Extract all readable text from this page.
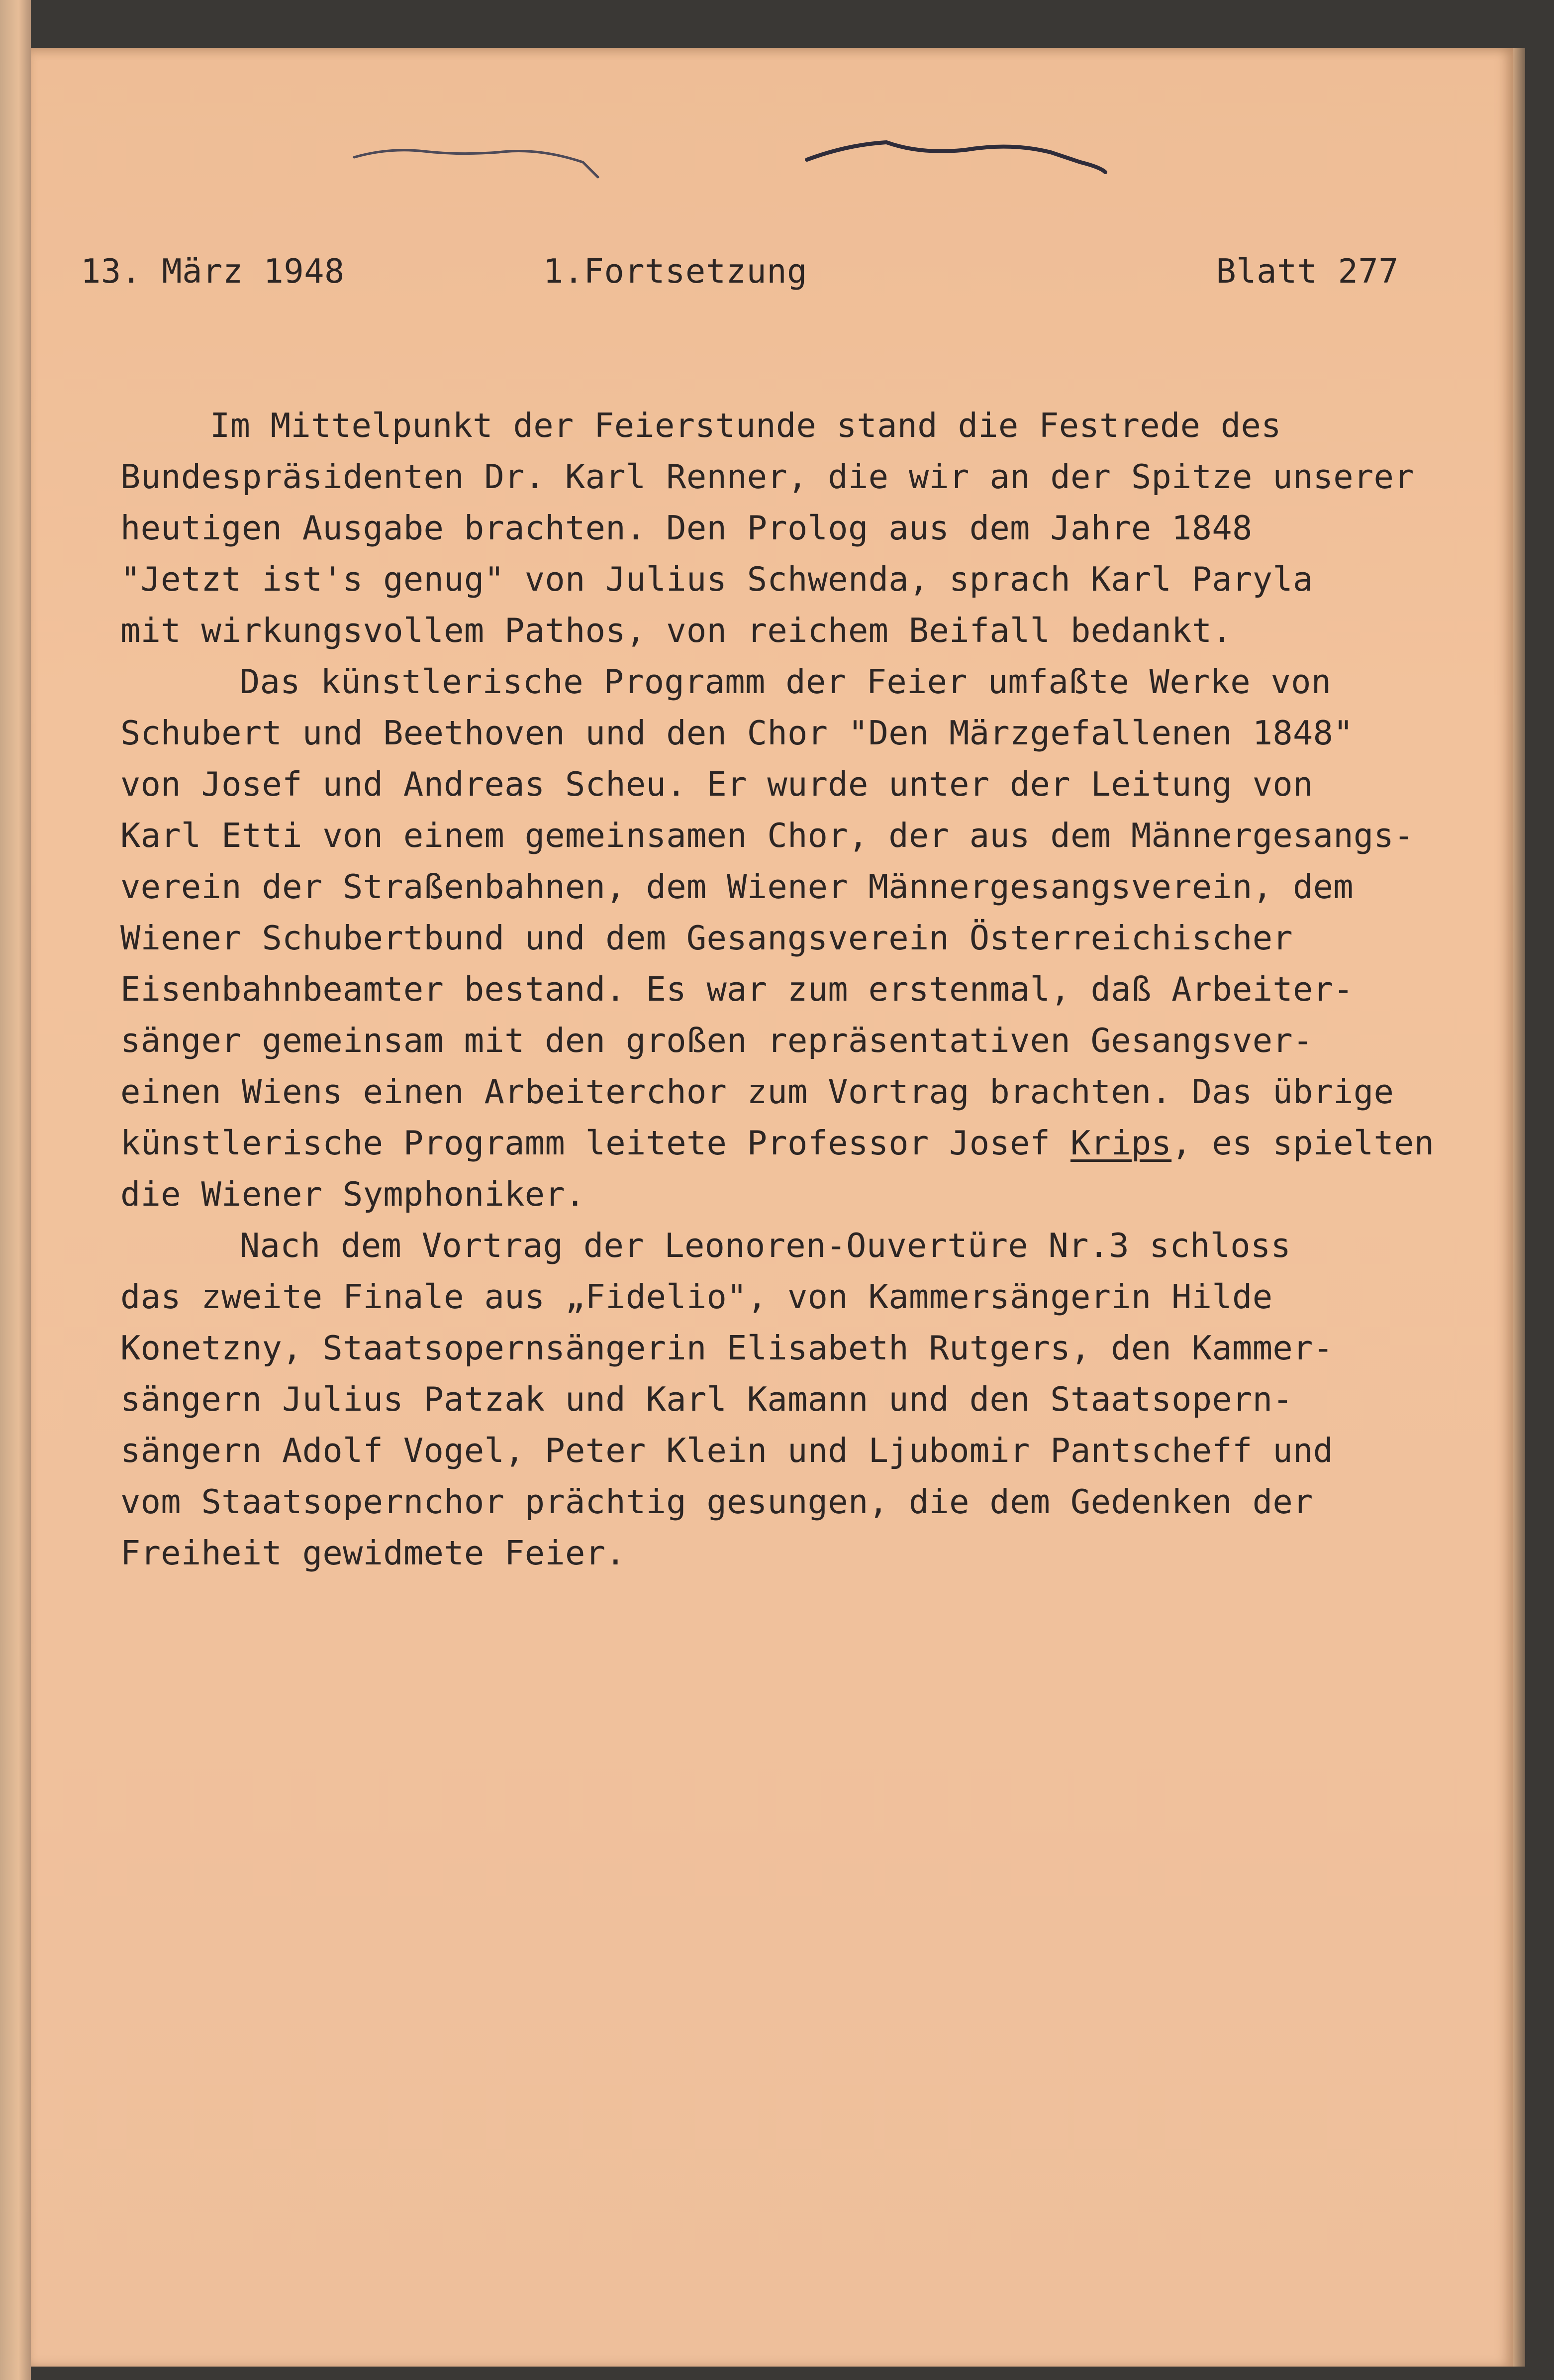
13. März 1948	1.Fortsetzung	Blatt 277
Im Mittelpunkt der Feierstunde stand die Festrede des
Bundespräsidenten Dr. Karl Renner, die wir an der Spitze unserer
heutigen Ausgabe brachten. Den Prolog aus dem Jahre 1848
"Jetzt ist's genug" von Julius Schwenda, sprach Karl Paryla
mit wirkungsvollem Pathos, von reichem Beifall bedankt.
Das künstlerische Programm der Feier umfaßte Werke von
Schubert und Beethoven und den Chor "Den Märzgefallenen 1848"
von Josef und Andreas Scheu. Er wurde unter der Leitung von
Karl Etti von einem gemeinsamen Chor, der aus dem Männergesangs-
verein der Straßenbahnen, dem Wiener Männergesangsverein, dem
Wiener Schubertbund und dem Gesangsverein Österreichischer
Eisenbahnbeamter bestand. Es war zum erstenmal, daß Arbeiter-
sänger gemeinsam mit den großen repräsentativen Gesangsver-
einen Wiens einen Arbeiterchor zum Vortrag brachten. Das übrige
künstlerische Programm leitete Professor Josef Krips, es spielten
die Wiener Symphoniker.
Nach dem Vortrag der Leonoren-Ouvertüre Nr.3 schloss
das zweite Finale aus „Fidelio", von Kammersängerin Hilde
Konetzny, Staatsopernsängerin Elisabeth Rutgers, den Kammer-
sängern Julius Patzak und Karl Kamann und den Staatsopern-
sängern Adolf Vogel, Peter Klein und Ljubomir Pantscheff und
vom Staatsopernchor prächtig gesungen, die dem Gedenken der
Freiheit gewidmete Feier.
